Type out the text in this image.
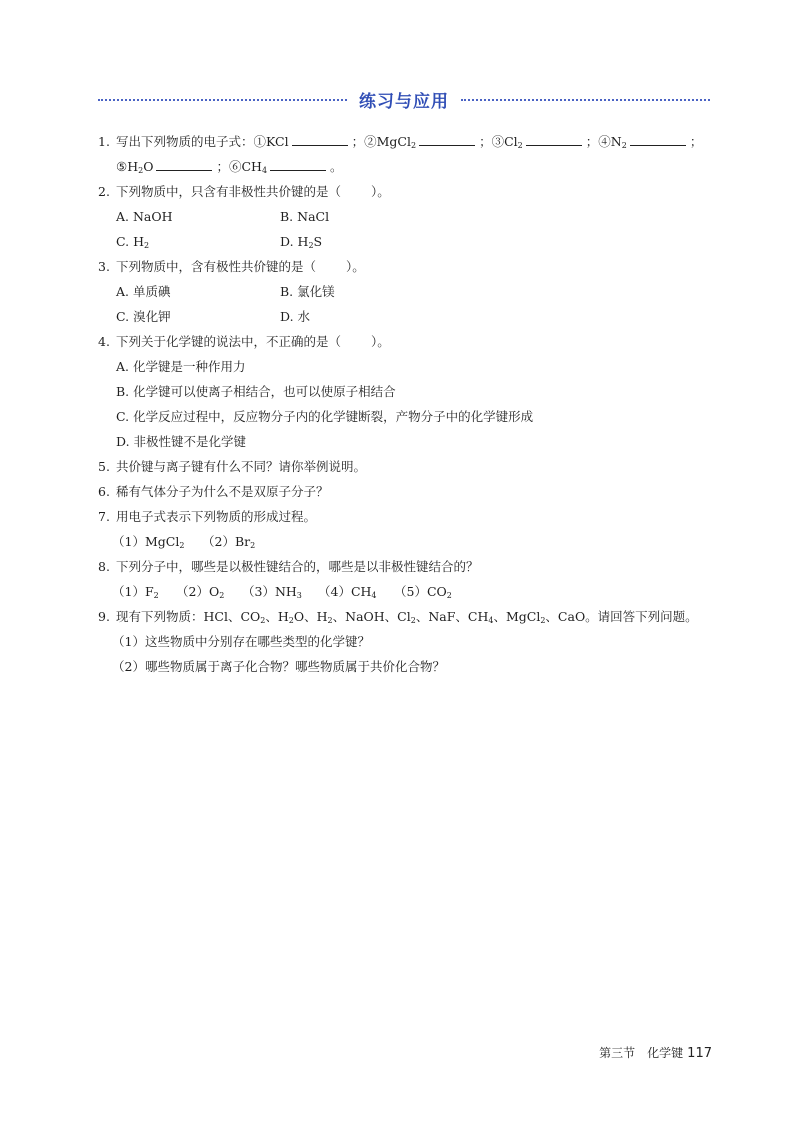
练习与应用
1. 写出下列物质的电子式：①KCl	；②MgCl$_2$	；$③Cl_2$	；$④N_2$	；
$⑤H_2O$	；$⑥CH_4$	。
2. 下列物质中，只含有非极性共价键的是（ ）。
A. NaOH	B. NaCl
C. $H_2$	D. $H_2S$
3. 下列物质中，含有极性共价键的是（ ）。
A. 单质碘	B. 氯化镁
C. 溴化钾	D. 水
4. 下列关于化学键的说法中，不正确的是（ ）。
A. 化学键是一种作用力
B. 化学键可以使离子相结合，也可以使原子相结合
C. 化学反应过程中，反应物分子内的化学键断裂，产物分子中的化学键形成
D. 非极性键不是化学键
5. 共价键与离子键有什么不同？请你举例说明。
6. 稀有气体分子为什么不是双原子分子？
7. 用电子式表示下列物质的形成过程。
（1）MgCl$_2$ $(2)Br_2$
8. 下列分子中，哪些是以极性键结合的，哪些是以非极性键结合的？
$(1)F_2$ $(2)O_2$ $(3)NH_3$ $(4)CH_4$ $(5)CO_2$
9. 现有下列物质：HCl、$CO_2$、$H_2O$、$H_2$、NaOH、$Cl_2$、NaF、$CH_4$、MgCl$_2$、CaO。请回答下列问题。
（1）这些物质中分别存在哪些类型的化学键？
（2）哪些物质属于离子化合物？哪些物质属于共价化合物？
第三节　化学键 117
